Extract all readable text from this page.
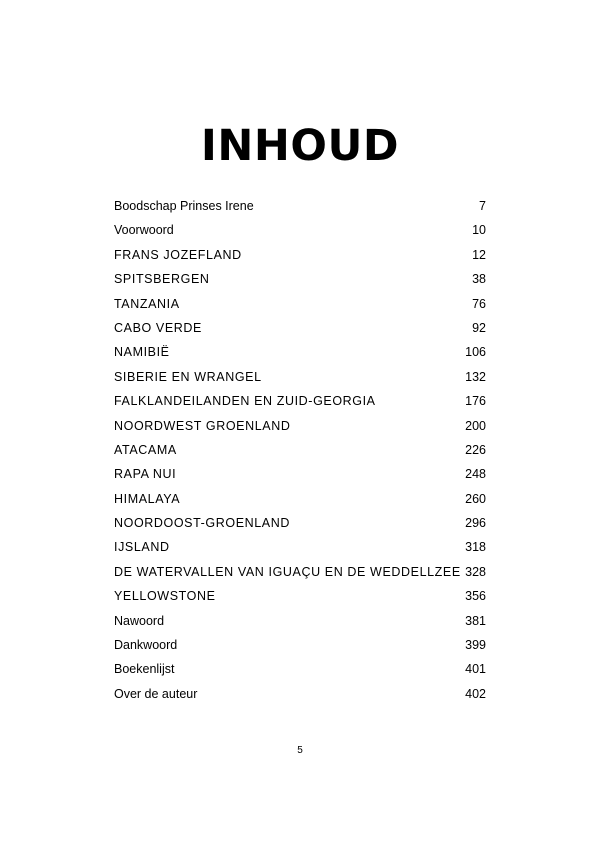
INHOUD
Boodschap Prinses Irene	7
Voorwoord	10
FRANS JOZEFLAND	12
SPITSBERGEN	38
TANZANIA	76
CABO VERDE	92
NAMIBIË	106
SIBERIE EN WRANGEL	132
FALKLANDEILANDEN EN ZUID-GEORGIA	176
NOORDWEST GROENLAND	200
ATACAMA	226
RAPA NUI	248
HIMALAYA	260
NOORDOOST-GROENLAND	296
IJSLAND	318
DE WATERVALLEN VAN IGUAÇU EN DE WEDDELLZEE 328
YELLOWSTONE	356
Nawoord	381
Dankwoord	399
Boekenlijst	401
Over de auteur	402
5
